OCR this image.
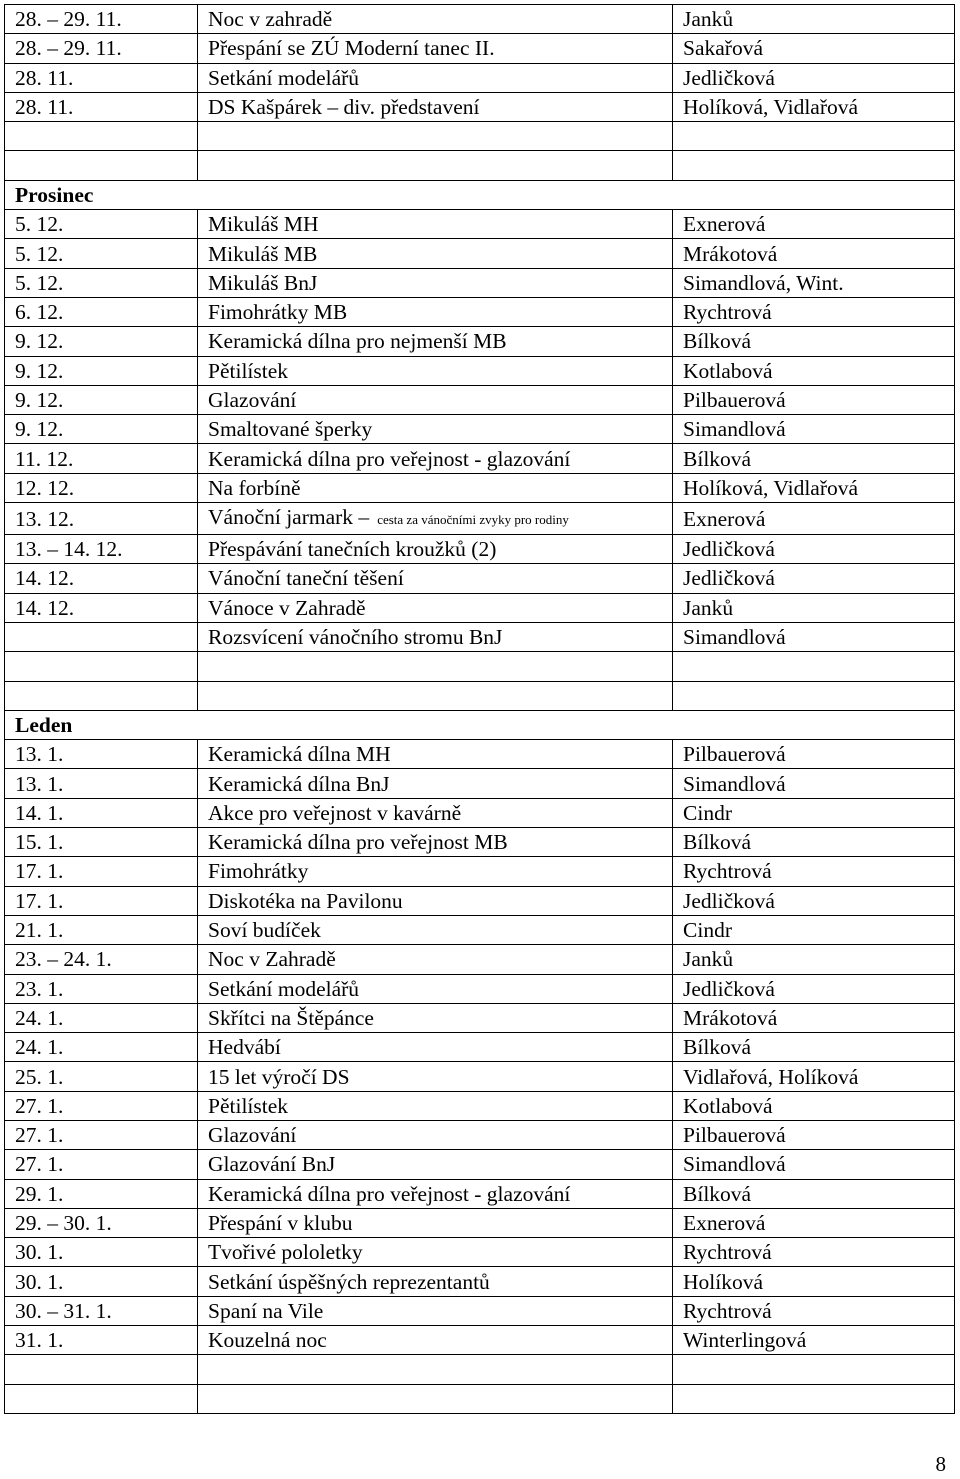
28. – 29. 11.	Noc v zahradě	Janků
28. – 29. 11.	Přespání se ZÚ Moderní tanec II.	Sakařová
28. 11.	Setkání modelářů	Jedličková
28. 11.	DS Kašpárek – div. představení	Holíková, Vidlařová

Prosinec		
5. 12.	Mikuláš MH	Exnerová
5. 12.	Mikuláš MB	Mrákotová
5. 12.	Mikuláš BnJ	Simandlová, Wint.
6. 12.	Fimohrátky MB	Rychtrová
9. 12.	Keramická dílna pro nejmenší MB	Bílková
9. 12.	Pětilístek	Kotlabová
9. 12.	Glazování	Pilbauerová
9. 12.	Smaltované šperky	Simandlová
11. 12.	Keramická dílna pro veřejnost - glazování	Bílková
12. 12.	Na forbíně	Holíková, Vidlařová
13. 12.	Vánoční jarmark – cesta za vánočními zvyky pro rodiny	Exnerová
13. – 14. 12.	Přespávání tanečních kroužků (2)	Jedličková
14. 12.	Vánoční taneční těšení	Jedličková
14. 12.	Vánoce v Zahradě	Janků
	Rozsvícení vánočního stromu BnJ	Simandlová

Leden		
13. 1.	Keramická dílna MH	Pilbauerová
13. 1.	Keramická dílna BnJ	Simandlová
14. 1.	Akce pro veřejnost v kavárně	Cindr
15. 1.	Keramická dílna pro veřejnost MB	Bílková
17. 1.	Fimohrátky	Rychtrová
17. 1.	Diskotéka na Pavilonu	Jedličková
21. 1.	Soví budíček	Cindr
23. – 24. 1.	Noc v Zahradě	Janků
23. 1.	Setkání modelářů	Jedličková
24. 1.	Skřítci na Štěpánce	Mrákotová
24. 1.	Hedvábí	Bílková
25. 1.	15 let výročí DS	Vidlařová, Holíková
27. 1.	Pětilístek	Kotlabová
27. 1.	Glazování	Pilbauerová
27. 1.	Glazování BnJ	Simandlová
29. 1.	Keramická dílna pro veřejnost - glazování	Bílková
29. – 30. 1.	Přespání v klubu	Exnerová
30. 1.	Tvořivé pololetky	Rychtrová
30. 1.	Setkání úspěšných reprezentantů	Holíková
30. – 31. 1.	Spaní na Vile	Rychtrová
31. 1.	Kouzelná noc	Winterlingová

8
